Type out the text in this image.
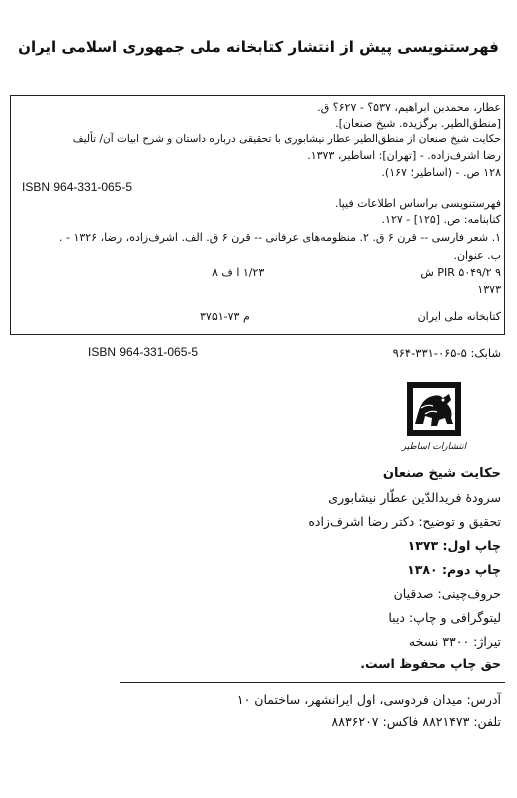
فهرستنویسی پیش از انتشار کتابخانه ملی جمهوری اسلامی ایران
عطار، محمدبن ابراهیم، ۵۳۷؟ - ۶۲۷؟ ق.
[منطق‌الطیر. برگزیده. شیخ صنعان].
حکایت شیخ صنعان از منطق‌الطیر عطار نیشابوری با تحقیقی درباره داستان و شرح ابیات آن/ تألیف
رضا اشرف‌زاده. - [تهران]: اساطیر، ۱۳۷۳.
۱۲۸ ص. - (اساطیر؛ ۱۶۷).
ISBN 964-331-065-5
فهرستنویسی براساس اطلاعات فیپا.
کتابنامه: ص. [۱۲۵] - ۱۲۷.
۱. شعر فارسی -- قرن ۶ ق. ۲. منظومه‌های عرفانی -- قرن ۶ ق. الف. اشرف‌زاده، رضا، ۱۳۲۶ - .
ب. عنوان.
PIR ۵۰۴۹/۲ ۹ ش
۱/۲۳ ا ف ۸
۱۳۷۳
کتابخانه ملی ایران
م ۷۳-۳۷۵۱
شابک: ۵-۰۶۵-۳۳۱-۹۶۴
ISBN 964-331-065-5
انتشارات اساطیر
حکایت شیخ صنعان
سرودهٔ فریدالدّین عطّار نیشابوری
تحقیق و توضیح: دکتر رضا اشرف‌زاده
چاپ اول: ۱۳۷۳
چاپ دوم: ۱۳۸۰
حروف‌چینی: صدقیان
لیتوگرافی و چاپ: دیبا
تیراژ: ۳۳۰۰ نسخه
حق چاپ محفوظ است.
آدرس: میدان فردوسی، اول ایرانشهر، ساختمان ۱۰
تلفن: ۸۸۲۱۴۷۳ فاکس: ۸۸۳۶۲۰۷
